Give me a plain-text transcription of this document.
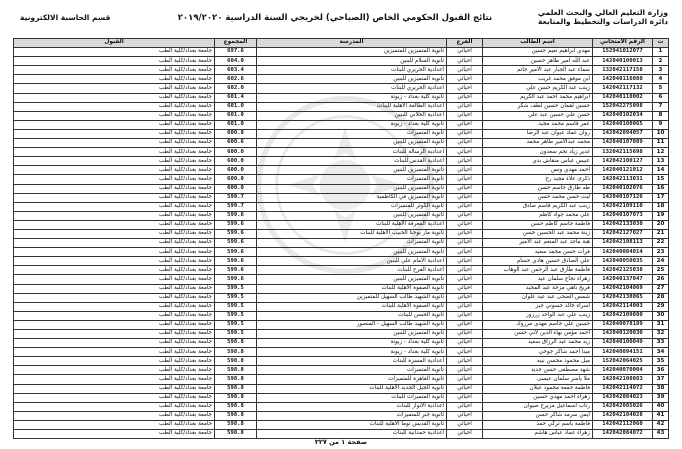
وزارة التعليم العالي والبحث العلمي
دائرة الدراسات والتخطيط والمتابعة
نتائج القبول الحكومي الخاص (الصباحي) لخريجي السنة الدراسية ٢٠١٩/٢٠٢٠
قسم الحاسبة الالكترونية
ت	الرقم الامتحاني	اسم الطالب	الفرع	المدرسة	المجموع	القبول
1	152941012077	مهدي ابراهيم نعيم حسين	احيائي	ثانوية المتميزين للمتميزين	697.6	جامعة بغداد/كلية الطب
2	142040100013	عبد الله امير طاهر حسين	احيائي	ثانوية السلام للبنين	604.0	جامعة بغداد/كلية الطب
3	132042117158	سماء عبد الجبار عبد الامير حاتم	احيائي	اعدادية الحريري للبنات	603.4	جامعة بغداد/كلية الطب
4	142040116080	ابن موفق محمد غريب	احيائي	ثانوية المتميزين للبنين	602.6	جامعة بغداد/كلية الطب
5	142042117132	زينب عبد الكريم حسن علي	احيائي	اعدادية الحريري للبنات	602.0	جامعة بغداد/كلية الطب
6	142040110002	ابراهيم محمد احمد عبد الكريم	احيائي	ثانوية كلية بغداد - زيونة	601.4	جامعة بغداد/كلية الطب
7	152042275098	حسين لقمان حسين لطف شكر	احيائي	اعدادية الطالعة الاهلية للبنات	601.0	جامعة بغداد/كلية الطب
8	142040102034	حسن علي حسين عبد علي	احيائي	اعدادية الخلاني للبنين	601.0	جامعة بغداد/كلية الطب
9	142040100065	عمر قاسم محمد مجيد	احيائي	ثانوية كلية بغداد - زيونة	601.0	جامعة بغداد/كلية الطب
10	142042094057	روان عماد عبوان عبد الرضا	احيائي	ثانوية المتميزات	600.8	جامعة بغداد/كلية الطب
11	142040107089	محمد عبدالامير طاهر محمد	احيائي	ثانوية المتميزين للبنين	600.6	جامعة بغداد/كلية الطب
12	132042115698	غدير زياد نجم سعدون	احيائي	اعدادية الرسالة للبنات	600.0	جامعة بغداد/كلية الطب
13	142042100127	عبيس عباس منقاش بدي	احيائي	اعدادية القدس للبنات	600.0	جامعة بغداد/كلية الطب
14	142040121012	احمد مهدي ونس	احيائي	ثانوية المتميزين للبنين	600.0	جامعة بغداد/كلية الطب
15	142042113031	ذكرى علاء مجيد رج	احيائي	ثانوية المتميزات	600.0	جامعة بغداد/كلية الطب
16	142040102076	طه طارق جاسم حسن	احيائي	ثانوية المتميزين للبنين	600.0	جامعة بغداد/كلية الطب
17	142040107126	ليث حسن محمد حسن	احيائي	ثانوية المتميزين في الكاظمية	599.7	جامعة بغداد/كلية الطب
18	142042109110	زينب عبد الكريم قاسم صادق	احيائي	ثانوية الكوثر للمتميزات	599.7	جامعة بغداد/كلية الطب
19	142040107073	علي محمد جواد كاظم	احيائي	ثانوية المتميزين للبنين	599.6	جامعة بغداد/كلية الطب
20	142042133030	فاطمة جاسم كاظم حسن	احيائي	اعدادية المعرفة الاهلية للبنات	599.6	جامعة بغداد/كلية الطب
21	142042127027	زينة محمد عبد الحسين حسن	احيائي	ثانوية مار يوحنا الحبيب الاهلية للبنات	599.6	جامعة بغداد/كلية الطب
22	142042108113	هبة ماجد عبد المنعم عبد الامير	احيائي	ثانوية المتميزات	599.6	جامعة بغداد/كلية الطب
23	142040084014	فرات حسن محمد سعيد	احيائي	ثانوية المتميزين للبنين	599.6	جامعة بغداد/كلية الطب
24	142040050035	علي الصادق حسين هادي حسام	احيائي	اعدادية الامام علي للبنين	599.6	جامعة بغداد/كلية الطب
25	142042125038	فاطمة طارق عبد الرحمن عبد الوهاب	احيائي	اعدادية الفرح للبنات	599.6	جامعة بغداد/كلية الطب
26	142040137047	زهراء نجاح سلمان عيد	احيائي	ثانوية المتميزين للبنين	599.6	جامعة بغداد/كلية الطب
27	142042104069	فريح ناهي مزحة عبد المجيد	احيائي	ثانوية الصفوة الاهلية للبنات	599.5	جامعة بغداد/كلية الطب
28	142042138065	شمس الضحى عبد عيد علوان	احيائي	ثانوية الشهيد طالب السهيل للمتميزين	599.5	جامعة بغداد/كلية الطب
29	142042114003	اسراء خالد حسوني جبر	احيائي	ثانوية الصفوة الاهلية للبنات	599.5	جامعة بغداد/كلية الطب
30	142042109080	زينب علي عبد الواحد زرزور	احيائي	ثانوية الحسن للبنات	599.5	جامعة بغداد/كلية الطب
31	142040078189	حسين علي جاسم مهدي مرزوك	احيائي	ثانوية الشهيد طالب السهيل - المنصور	599.5	جامعة بغداد/كلية الطب
32	142040120030	احمد مؤمن بهاء الدين لاني حسن	احيائي	ثانوية المتميزين للبنين	599.5	جامعة بغداد/كلية الطب
33	142040100049	زيد محمد عبد الرزاق سعيد	احيائي	ثانوية كلية بغداد - زيونة	598.8	جامعة بغداد/كلية الطب
34	142040094151	مينا احمد شاكر جوحي	احيائي	ثانوية كلية بغداد - زيونة	598.8	جامعة بغداد/كلية الطب
35	152042064025	ميل محمود محسن نيبه	احيائي	اعدادية المسرة للبنات	598.8	جامعة بغداد/كلية الطب
36	142040070004	شهد مصطفى حسن جديد	احيائي	ثانوية المتميزات	598.8	جامعة بغداد/كلية الطب
37	142042100083	ملا ياسر سلمان عيسى	احيائي	ثانوية القاهرة للمتميزات	598.8	جامعة بغداد/كلية الطب
38	142042114072	فاطمة جمعة محمود عيلان	احيائي	ثانوية الجيل الجديد الاهلية للبنات	598.8	جامعة بغداد/كلية الطب
39	142042084023	زهراء احمد مهدي حسين	احيائي	ثانوية المتميزات للبنات	598.8	جامعة بغداد/كلية الطب
40	142042085026	رتاب اسماعيل مزيرح صيوان	احيائي	اعدادية الانوار للبنات	598.8	جامعة بغداد/كلية الطب
41	142042104028	ايمن سرمد شاكر حسن	احيائي	ثانوية جبر للمتميزات	598.8	جامعة بغداد/كلية الطب
42	142042112060	فاطمة باسم تركي حمد	احيائي	ثانوية القديس توما الاهلية للبنات	598.8	جامعة بغداد/كلية الطب
43	142042084072	زهراء عماد عباس هاشم	احيائي	اعدادية حمدانية للبنات	598.8	جامعة بغداد/كلية الطب
صفحة ١ من ٣٢٧
